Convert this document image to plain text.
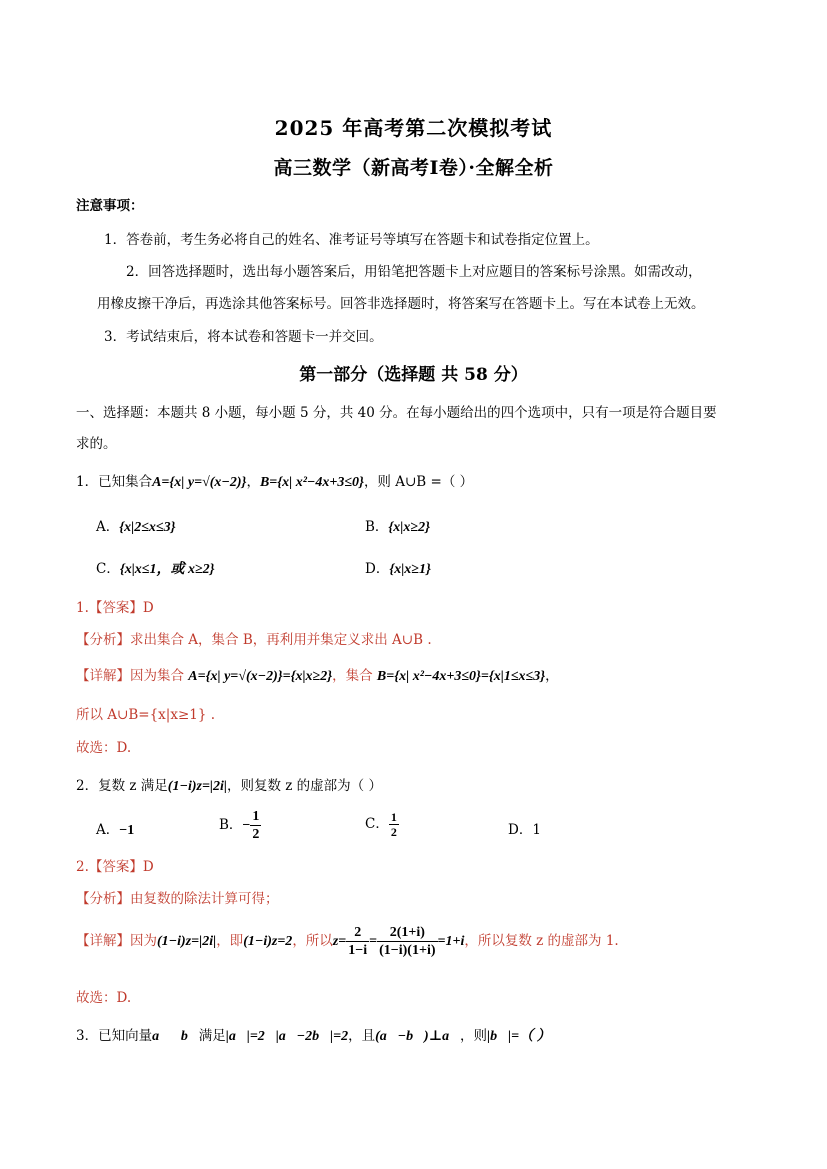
2025 年高考第二次模拟考试
高三数学（新高考Ⅰ卷）·全解全析
注意事项：
1．答卷前，考生务必将自己的姓名、准考证号等填写在答题卡和试卷指定位置上。
2．回答选择题时，选出每小题答案后，用铅笔把答题卡上对应题目的答案标号涂黑。如需改动，
用橡皮擦干净后，再选涂其他答案标号。回答非选择题时，将答案写在答题卡上。写在本试卷上无效。
3．考试结束后，将本试卷和答题卡一并交回。
第一部分（选择题 共 58 分）
一、选择题：本题共 8 小题，每小题 5 分，共 40 分。在每小题给出的四个选项中，只有一项是符合题目要
求的。
1．已知集合A={x| y=√(x−2)}，B={x| x²−4x+3≤0}，则 A∪B =（ ）
A．{x|2≤x≤3}	B．{x|x≥2}
C．{x|x≤1，或 x≥2}	D．{x|x≥1}
1.【答案】D
【分析】求出集合 A，集合 B，再利用并集定义求出 A∪B .
【详解】因为集合 A={x| y=√(x−2)}={x|x≥2}，集合 B={x| x²−4x+3≤0}={x|1≤x≤3}，
所以 A∪B={x|x≥1} .
故选：D.
2．复数 z 满足(1−i)z=|2i|，则复数 z 的虚部为（ ）
A．−1	B．− $\frac{1}{2}$	C． $\frac{1}{2}$	D．1
2.【答案】D
【分析】由复数的除法计算可得；
【详解】因为(1−i)z=|2i|，即(1−i)z=2，所以$z= \frac{2}{1-i} = \frac{2(1+i)}{(1-i)(1+i)} =1+i$，所以复数 z 的虚部为 1.
故选：D.
3．已知向量a⃗，b⃗满足|a⃗|=2，|a⃗−2b⃗|=2，且(a⃗−b⃗)⊥a⃗，则|b⃗|=（ ）
